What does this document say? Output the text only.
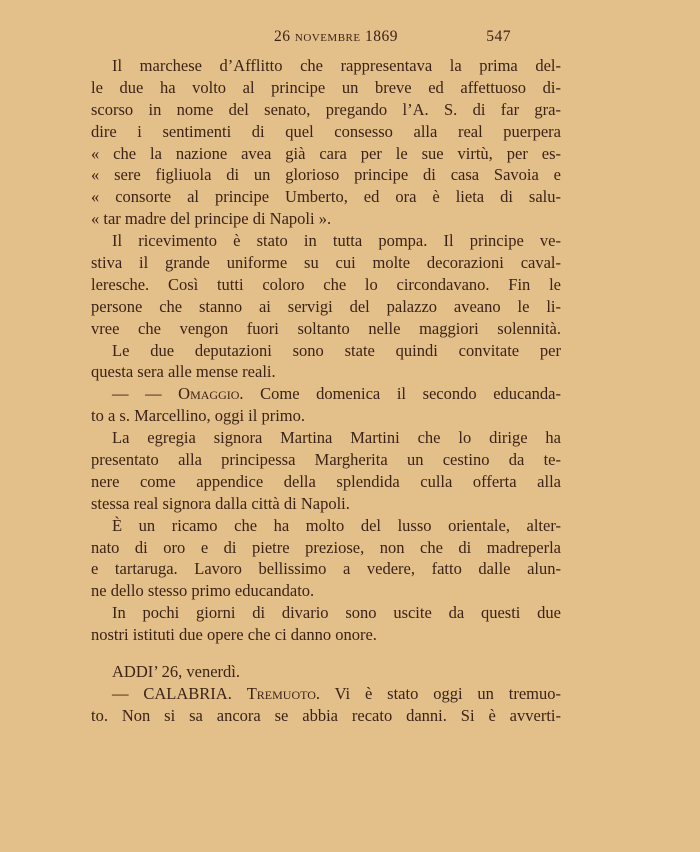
26 novembre 1869	547
Il marchese d’Afflitto che rappresentava la prima del-
le due ha volto al principe un breve ed affettuoso di-
scorso in nome del senato, pregando l’A. S. di far gra-
dire i sentimenti di quel consesso alla real puerpera
« che la nazione avea già cara per le sue virtù, per es-
« sere figliuola di un glorioso principe di casa Savoia e
« consorte al principe Umberto, ed ora è lieta di salu-
« tar madre del principe di Napoli ».
Il ricevimento è stato in tutta pompa. Il principe ve-
stiva il grande uniforme su cui molte decorazioni caval-
leresche. Così tutti coloro che lo circondavano. Fin le
persone che stanno ai servigi del palazzo aveano le li-
vree che vengon fuori soltanto nelle maggiori solennità.
Le due deputazioni sono state quindi convitate per
questa sera alle mense reali.
— — Omaggio. Come domenica il secondo educanda-
to a s. Marcellino, oggi il primo.
La egregia signora Martina Martini che lo dirige ha
presentato alla principessa Margherita un cestino da te-
nere come appendice della splendida culla offerta alla
stessa real signora dalla città di Napoli.
È un ricamo che ha molto del lusso orientale, alter-
nato di oro e di pietre preziose, non che di madreperla
e tartaruga. Lavoro bellissimo a vedere, fatto dalle alun-
ne dello stesso primo educandato.
In pochi giorni di divario sono uscite da questi due
nostri istituti due opere che ci danno onore.
ADDI’ 26, venerdì.
— CALABRIA. Tremuoto. Vi è stato oggi un tremuo-
to. Non si sa ancora se abbia recato danni. Si è avverti-
